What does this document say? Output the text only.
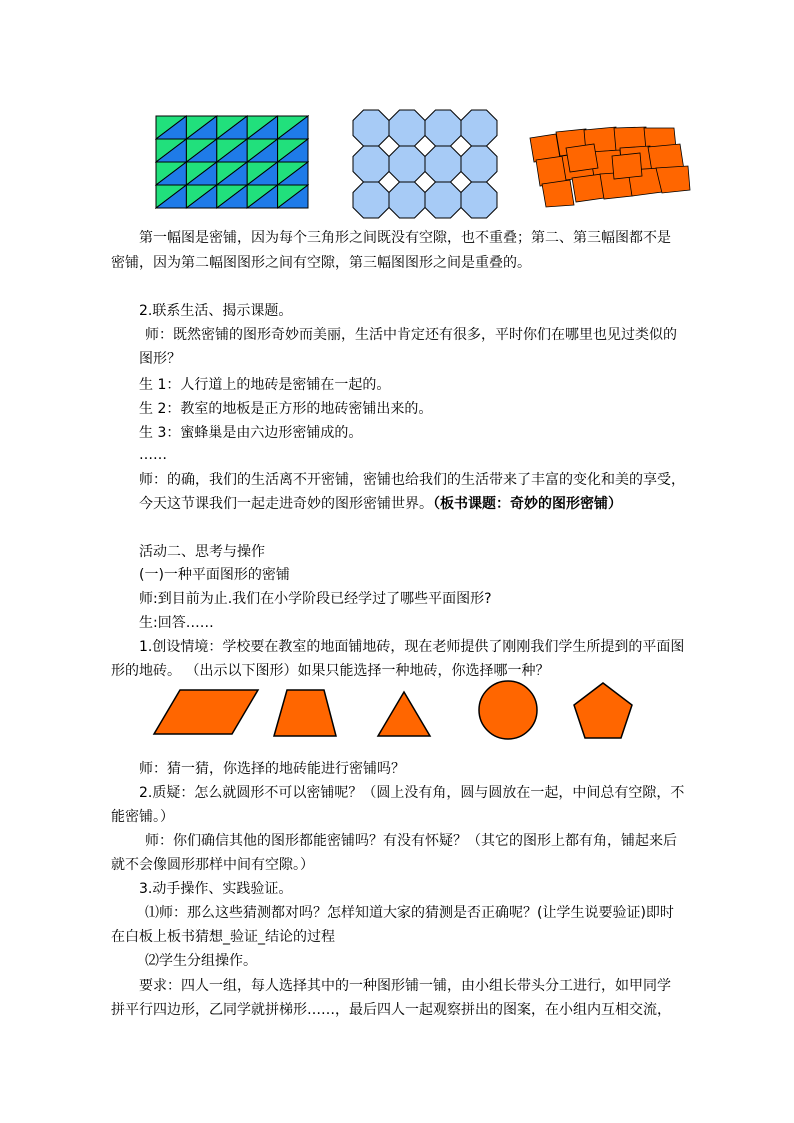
第一幅图是密铺，因为每个三角形之间既没有空隙，也不重叠；第二、第三幅图都不是
密铺，因为第二幅图图形之间有空隙，第三幅图图形之间是重叠的。
2.联系生活、揭示课题。
师：既然密铺的图形奇妙而美丽，生活中肯定还有很多，平时你们在哪里也见过类似的
图形？
生 1：人行道上的地砖是密铺在一起的。
生 2：教室的地板是正方形的地砖密铺出来的。
生 3：蜜蜂巢是由六边形密铺成的。
……
师：的确，我们的生活离不开密铺，密铺也给我们的生活带来了丰富的变化和美的享受，
今天这节课我们一起走进奇妙的图形密铺世界。（板书课题：奇妙的图形密铺）
活动二、思考与操作
(一)一种平面图形的密铺
师:到目前为止.我们在小学阶段已经学过了哪些平面图形?
生:回答……
1.创设情境：学校要在教室的地面铺地砖，现在老师提供了刚刚我们学生所提到的平面图
形的地砖。 （出示以下图形）如果只能选择一种地砖，你选择哪一种？
师：猜一猜，你选择的地砖能进行密铺吗？
2.质疑：怎么就圆形不可以密铺呢？（圆上没有角，圆与圆放在一起，中间总有空隙，不
能密铺。）
师：你们确信其他的图形都能密铺吗？有没有怀疑？（其它的图形上都有角，铺起来后
就不会像圆形那样中间有空隙。）
3.动手操作、实践验证。
⑴师：那么这些猜测都对吗？怎样知道大家的猜测是否正确呢？(让学生说要验证)即时
在白板上板书猜想_验证_结论的过程
⑵学生分组操作。
要求：四人一组，每人选择其中的一种图形铺一铺，由小组长带头分工进行，如甲同学
拼平行四边形，乙同学就拼梯形……，最后四人一起观察拼出的图案，在小组内互相交流，
